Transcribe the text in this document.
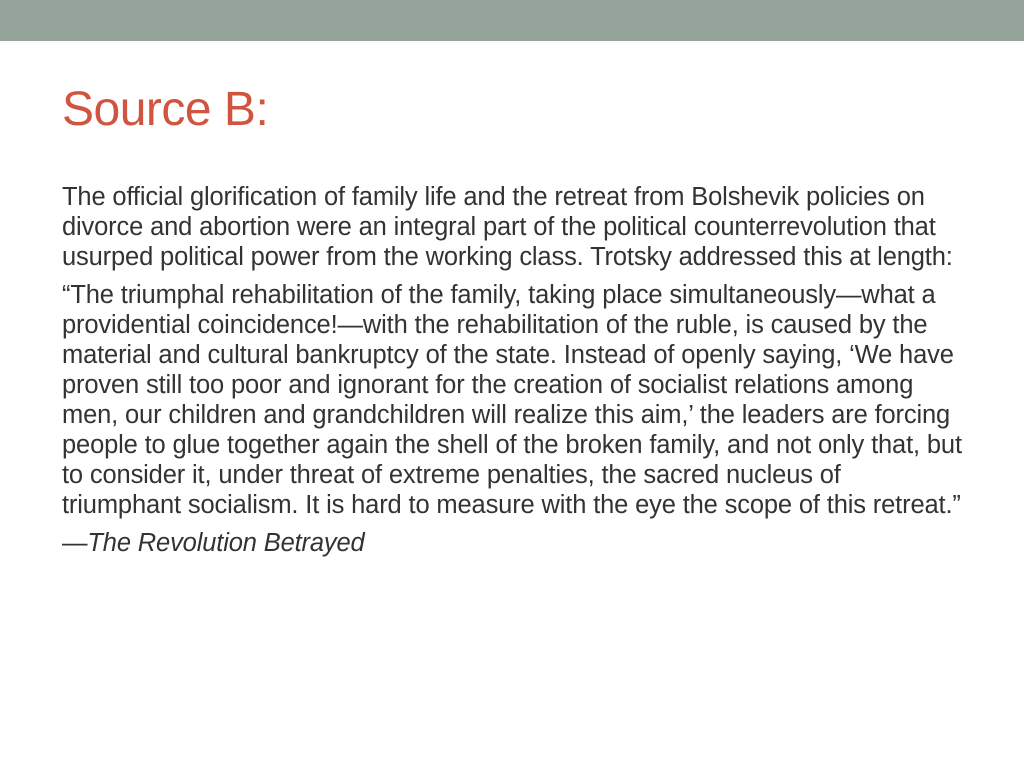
Source B:

The official glorification of family life and the retreat from Bolshevik policies on divorce and abortion were an integral part of the political counterrevolution that usurped political power from the working class. Trotsky addressed this at length:

“The triumphal rehabilitation of the family, taking place simultaneously—what a providential coincidence!—with the rehabilitation of the ruble, is caused by the material and cultural bankruptcy of the state. Instead of openly saying, ‘We have proven still too poor and ignorant for the creation of socialist relations among men, our children and grandchildren will realize this aim,’ the leaders are forcing people to glue together again the shell of the broken family, and not only that, but to consider it, under threat of extreme penalties, the sacred nucleus of triumphant socialism. It is hard to measure with the eye the scope of this retreat.”

—The Revolution Betrayed
